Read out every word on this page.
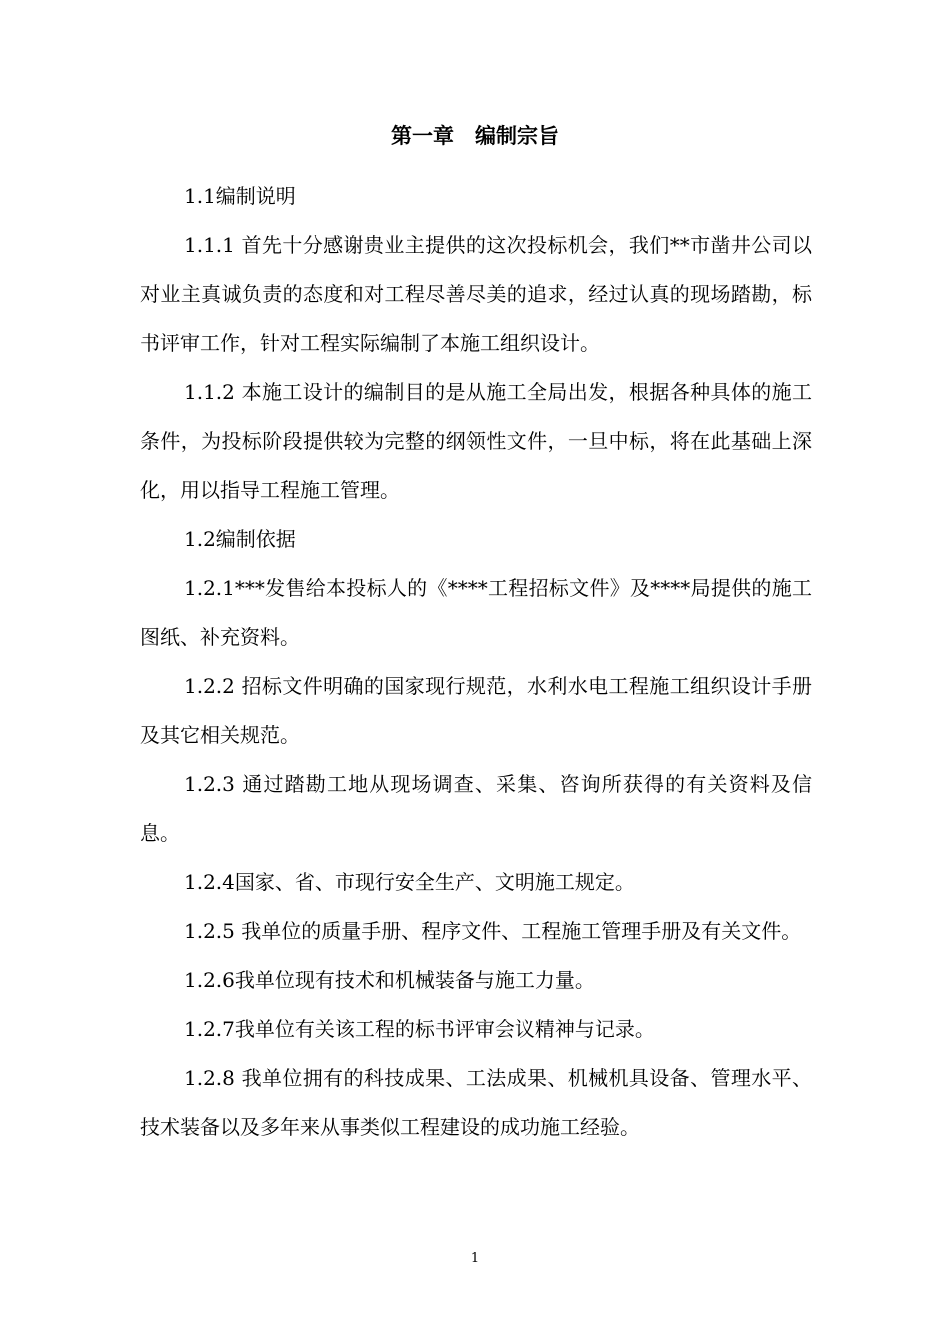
第一章　编制宗旨

1.1编制说明

1.1.1 首先十分感谢贵业主提供的这次投标机会，我们**市凿井公司以对业主真诚负责的态度和对工程尽善尽美的追求，经过认真的现场踏勘，标书评审工作，针对工程实际编制了本施工组织设计。

1.1.2 本施工设计的编制目的是从施工全局出发，根据各种具体的施工条件，为投标阶段提供较为完整的纲领性文件，一旦中标，将在此基础上深化，用以指导工程施工管理。

1.2编制依据

1.2.1***发售给本投标人的《****工程招标文件》及****局提供的施工图纸、补充资料。

1.2.2 招标文件明确的国家现行规范，水利水电工程施工组织设计手册及其它相关规范。

1.2.3 通过踏勘工地从现场调查、采集、咨询所获得的有关资料及信息。

1.2.4国家、省、市现行安全生产、文明施工规定。

1.2.5 我单位的质量手册、程序文件、工程施工管理手册及有关文件。

1.2.6我单位现有技术和机械装备与施工力量。

1.2.7我单位有关该工程的标书评审会议精神与记录。

1.2.8 我单位拥有的科技成果、工法成果、机械机具设备、管理水平、技术装备以及多年来从事类似工程建设的成功施工经验。

1
